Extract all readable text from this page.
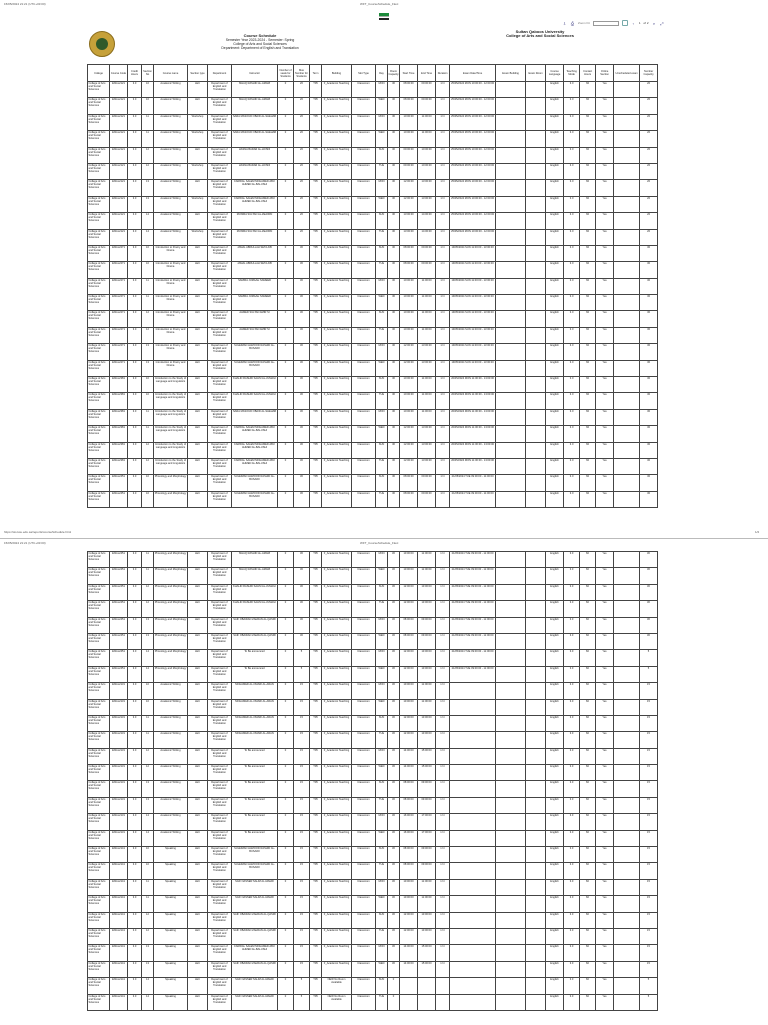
15/05/2024 21:21 (UTC+03:00)	WFT_CourseSchedule_Flexi
⇩ ⎙	Zoom Fit	‹	1 of 2	⌕	⤢
Course Schedule
Semester Year 2023-2024 - Semester: Spring
College of Arts and Social Sciences
Department: Department of English and Translation
Sultan Qaboos University
College of Arts and Social Sciences
College	Course Code	Credit Hours	Section No	Course name	Section type	Department	Instructor	Number of seats for Students	Max Number for Students	Term	Building	Slot Type	Day	Room Capacity	Start Time	End Time	Duration	Exam Date/Time	Exam Building	Exam Room	Course Language	Teaching Mode	Contact Hours	Online Section	Unscheduled exam	Number Capacity
College of Arts and Social Sciences	ENGL2121	3.0	10	Academic Writing	LEC	Department of English and Translation	ISHAQ RASHID AL-AMARI	0	20	T05	F_Academic Teaching	Classroom	MON	30	08:00:00	09:00:00	1 hr	25/05/2024 MON 10:00:00 - 12:00:00			English	3.0	60	Yes		20
College of Arts and Social Sciences	ENGL2121	3.0	10	Academic Writing	LEC	Department of English and Translation	ISHAQ RASHID AL-AMARI	0	20	T05	F_Academic Teaching	Classroom	WED	30	08:00:00	09:00:00	1 hr	25/05/2024 MON 10:00:00 - 12:00:00			English	3.0	60	Yes		20
College of Arts and Social Sciences	ENGL2121	3.0	11	Academic Writing	Workshop	Department of English and Translation	SARA MASOUD OBAID AL-SHEHAB	0	20	T05	F_Academic Teaching	Classroom	MON	30	10:00:00	11:00:00	1 hr	25/05/2024 MON 10:00:00 - 12:00:00			English	3.0	60	Yes		20
College of Arts and Social Sciences	ENGL2121	3.0	11	Academic Writing	Workshop	Department of English and Translation	SARA MASOUD OBAID AL-SHEHAB	0	20	T05	F_Academic Teaching	Classroom	WED	30	10:00:00	11:00:00	1 hr	25/05/2024 MON 10:00:00 - 12:00:00			English	3.0	60	Yes		20
College of Arts and Social Sciences	ENGL2121	3.0	12	Academic Writing	LEC	Department of English and Translation	HASNA BADAR AL-HOSNI	0	20	T05	F_Academic Teaching	Classroom	SUN	30	09:00:00	10:00:00	1 hr	25/05/2024 MON 10:00:00 - 12:00:00			English	3.0	60	Yes		20
College of Arts and Social Sciences	ENGL2121	3.0	12	Academic Writing	Workshop	Department of English and Translation	HASNA BADAR AL-HOSNI	0	20	T05	F_Academic Teaching	Classroom	TUE	30	09:00:00	10:00:00	1 hr	25/05/2024 MON 10:00:00 - 12:00:00			English	3.0	60	Yes		20
College of Arts and Social Sciences	ENGL2121	3.0	13	Academic Writing	LEC	Department of English and Translation	FARIDAL SALEM MOHAMED ABU AHMED AL-BALUSHI	0	20	T05	F_Academic Teaching	Classroom	MON	30	12:00:00	13:00:00	1 hr	25/05/2024 MON 10:00:00 - 12:00:00			English	3.0	60	Yes		20
College of Arts and Social Sciences	ENGL2121	3.0	13	Academic Writing	Workshop	Department of English and Translation	FARIDAL SALEM MOHAMED ABU AHMED AL-BALUSHI	0	20	T05	F_Academic Teaching	Classroom	WED	30	12:00:00	13:00:00	1 hr	25/05/2024 MON 10:00:00 - 12:00:00			English	3.0	60	Yes		20
College of Arts and Social Sciences	ENGL2121	3.0	14	Academic Writing	LEC	Department of English and Translation	MUNIRA SULTAN AL-ZEAIDIN	0	20	T05	F_Academic Teaching	Classroom	SUN	30	13:00:00	14:00:00	1 hr	25/05/2024 MON 10:00:00 - 12:00:00			English	3.0	60	Yes		20
College of Arts and Social Sciences	ENGL2121	3.0	14	Academic Writing	Workshop	Department of English and Translation	MUNIRA SULTAN AL-ZEAIDIN	0	20	T05	F_Academic Teaching	Classroom	TUE	30	13:00:00	14:00:00	1 hr	25/05/2024 MON 10:00:00 - 12:00:00			English	3.0	60	Yes		20
College of Arts and Social Sciences	ENGL2271	3.0	10	Introduction to Poetry and Drama	LEC	Department of English and Translation	JAMAL ABDULLAH SETA AIB	0	30	T05	F_Academic Teaching	Classroom	SUN	30	08:00:00	09:00:00	1 hr	19/05/2024 SUN 11:00:00 - 13:00:00			English	3.0	60	Yes		30
College of Arts and Social Sciences	ENGL2271	3.0	10	Introduction to Poetry and Drama	LEC	Department of English and Translation	JAMAL ABDULLAH SETA AIB	0	30	T05	F_Academic Teaching	Classroom	TUE	30	08:00:00	09:00:00	1 hr	19/05/2024 SUN 11:00:00 - 13:00:00			English	3.0	60	Yes		30
College of Arts and Social Sciences	ENGL2271	3.0	11	Introduction to Poetry and Drama	LEC	Department of English and Translation	SAMIRA JUMAAH SAMEER	0	30	T05	F_Academic Teaching	Classroom	MON	30	10:00:00	11:00:00	1 hr	19/05/2024 SUN 11:00:00 - 13:00:00			English	3.0	60	Yes		30
College of Arts and Social Sciences	ENGL2271	3.0	11	Introduction to Poetry and Drama	LEC	Department of English and Translation	SAMIRA JUMAAH SAMEER	0	30	T05	F_Academic Teaching	Classroom	WED	30	10:00:00	11:00:00	1 hr	19/05/2024 SUN 11:00:00 - 13:00:00			English	3.0	60	Yes		30
College of Arts and Social Sciences	ENGL2271	3.0	12	Introduction to Poetry and Drama	LEC	Department of English and Translation	AHMED SULTAN AMIR SI	0	30	T05	F_Academic Teaching	Classroom	SUN	30	10:00:00	11:00:00	1 hr	19/05/2024 SUN 11:00:00 - 13:00:00			English	3.0	60	Yes		30
College of Arts and Social Sciences	ENGL2271	3.0	12	Introduction to Poetry and Drama	LEC	Department of English and Translation	AHMED SULTAN AMIR SI	0	30	T05	F_Academic Teaching	Classroom	TUE	30	10:00:00	11:00:00	1 hr	19/05/2024 SUN 11:00:00 - 13:00:00			English	3.0	60	Yes		30
College of Arts and Social Sciences	ENGL2271	3.0	13	Introduction to Poetry and Drama	LEC	Department of English and Translation	SULEIMAN HAMOOD RASHID AL-BUSAIDI	0	30	T05	F_Academic Teaching	Classroom	MON	30	12:00:00	13:00:00	1 hr	19/05/2024 SUN 11:00:00 - 13:00:00			English	3.0	60	Yes		30
College of Arts and Social Sciences	ENGL2271	3.0	13	Introduction to Poetry and Drama	LEC	Department of English and Translation	SULEIMAN HAMOOD RASHID AL-BUSAIDI	0	30	T05	F_Academic Teaching	Classroom	WED	30	12:00:00	13:00:00	1 hr	19/05/2024 SUN 11:00:00 - 13:00:00			English	3.0	60	Yes		30
College of Arts and Social Sciences	ENGL2381	3.0	10	Introduction to the Study of Language and Linguistics	LEC	Department of English and Translation	KHALID RASHID SALIM AL-JUMAILI	0	30	T05	F_Academic Teaching	Classroom	SUN	30	10:00:00	11:00:00	1 hr	20/05/2024 MON 11:00:00 - 13:00:00			English	3.0	60	Yes		30
College of Arts and Social Sciences	ENGL2381	3.0	10	Introduction to the Study of Language and Linguistics	LEC	Department of English and Translation	KHALID RASHID SALIM AL-JUMAILI	0	30	T05	F_Academic Teaching	Classroom	TUE	30	10:00:00	11:00:00	1 hr	20/05/2024 MON 11:00:00 - 13:00:00			English	3.0	60	Yes		30
College of Arts and Social Sciences	ENGL2381	3.0	11	Introduction to the Study of Language and Linguistics	LEC	Department of English and Translation	SARA MASOUD OBAID AL-SHEHAB	0	30	T05	F_Academic Teaching	Classroom	MON	30	10:00:00	11:00:00	1 hr	20/05/2024 MON 11:00:00 - 13:00:00			English	3.0	60	Yes		30
College of Arts and Social Sciences	ENGL2381	3.0	11	Introduction to the Study of Language and Linguistics	LEC	Department of English and Translation	FARIDAL SALEM MOHAMED ABU AHMED AL-BALUSHI	0	30	T05	F_Academic Teaching	Classroom	WED	30	12:00:00	13:00:00	1 hr	20/05/2024 MON 11:00:00 - 13:00:00			English	3.0	60	Yes		30
College of Arts and Social Sciences	ENGL2381	3.0	12	Introduction to the Study of Language and Linguistics	LEC	Department of English and Translation	FARIDAL SALEM MOHAMED ABU AHMED AL-BALUSHI	0	30	T05	F_Academic Teaching	Classroom	SUN	30	12:00:00	13:00:00	1 hr	20/05/2024 MON 11:00:00 - 13:00:00			English	3.0	60	Yes		30
College of Arts and Social Sciences	ENGL2381	3.0	12	Introduction to the Study of Language and Linguistics	LEC	Department of English and Translation	FARIDAL SALEM MOHAMED ABU AHMED AL-BALUSHI	0	30	T05	F_Academic Teaching	Classroom	TUE	30	12:00:00	13:00:00	1 hr	20/05/2024 MON 11:00:00 - 13:00:00			English	3.0	60	Yes		30
College of Arts and Social Sciences	ENGL2451	3.0	10	Phonology and Morphology	LEC	Department of English and Translation	SULEIMAN HAMOOD RASHID AL-BUSAIDI	0	30	T05	F_Academic Teaching	Classroom	SUN	30	08:00:00	09:00:00	1 hr	21/05/2024 TUE 09:00:00 - 11:00:00			English	3.0	60	Yes		30
College of Arts and Social Sciences	ENGL2451	3.0	10	Phonology and Morphology	LEC	Department of English and Translation	SULEIMAN HAMOOD RASHID AL-BUSAIDI	0	30	T05	F_Academic Teaching	Classroom	TUE	30	08:00:00	09:00:00	1 hr	21/05/2024 TUE 09:00:00 - 11:00:00			English	3.0	60	Yes		30
https://sis.ksu.edu.sa/reports/courseSchedule.html	1/2
15/05/2024 21:21 (UTC+03:00)	WFT_CourseSchedule_Flexi
College of Arts and Social Sciences	ENGL2451	3.0	11	Phonology and Morphology	LEC	Department of English and Translation	ISHAQ RASHID AL-AMARI	0	30	T05	F_Academic Teaching	Classroom	MON	30	10:00:00	11:00:00	1 hr	21/05/2024 TUE 09:00:00 - 11:00:00			English	3.0	60	Yes		30
College of Arts and Social Sciences	ENGL2451	3.0	11	Phonology and Morphology	LEC	Department of English and Translation	ISHAQ RASHID AL-AMARI	0	30	T05	F_Academic Teaching	Classroom	WED	30	10:00:00	11:00:00	1 hr	21/05/2024 TUE 09:00:00 - 11:00:00			English	3.0	60	Yes		30
College of Arts and Social Sciences	ENGL2451	3.0	12	Phonology and Morphology	LEC	Department of English and Translation	KHALID RASHID SALIM AL-JUMAILI	0	30	T05	F_Academic Teaching	Classroom	SUN	30	12:00:00	13:00:00	1 hr	21/05/2024 TUE 09:00:00 - 11:00:00			English	3.0	60	Yes		30
College of Arts and Social Sciences	ENGL2451	3.0	12	Phonology and Morphology	LEC	Department of English and Translation	KHALID RASHID SALIM AL-JUMAILI	0	30	T05	F_Academic Teaching	Classroom	TUE	30	12:00:00	13:00:00	1 hr	21/05/2024 TUE 09:00:00 - 11:00:00			English	3.0	60	Yes		30
College of Arts and Social Sciences	ENGL2451	3.0	13	Phonology and Morphology	LEC	Department of English and Translation	SAIF OBAIDAN ZAHRAN AL-QASMI	0	30	T05	F_Academic Teaching	Classroom	MON	30	08:00:00	09:00:00	1 hr	21/05/2024 TUE 09:00:00 - 11:00:00			English	3.0	60	Yes		30
College of Arts and Social Sciences	ENGL2451	3.0	13	Phonology and Morphology	LEC	Department of English and Translation	SAIF OBAIDAN ZAHRAN AL-QASMI	0	30	T05	F_Academic Teaching	Classroom	WED	30	08:00:00	09:00:00	1 hr	21/05/2024 TUE 09:00:00 - 11:00:00			English	3.0	60	Yes		30
College of Arts and Social Sciences	ENGL2451	3.0	14	Phonology and Morphology	LEC	Department of English and Translation	To Be announced	0	5	T05	F_Academic Teaching	Classroom	MON	30	12:00:00	13:00:00	1 hr	21/05/2024 TUE 09:00:00 - 11:00:00			English	3.0	60	Yes		5
College of Arts and Social Sciences	ENGL2451	3.0	14	Phonology and Morphology	LEC	Department of English and Translation	To Be announced	0	5	T05	F_Academic Teaching	Classroom	WED	30	12:00:00	13:00:00	1 hr	21/05/2024 TUE 09:00:00 - 11:00:00			English	3.0	60	Yes		5
College of Arts and Social Sciences	ENGL2131	3.0	10	Academic Writing	LEC	Department of English and Translation	MOHAMED AL-OMARI AL-ARAN	0	15	T05	F_Academic Teaching	Classroom	MON	30	10:00:00	11:00:00	1 hr				English	3.0	60	Yes		15
College of Arts and Social Sciences	ENGL2131	3.0	10	Academic Writing	LEC	Department of English and Translation	MOHAMED AL-OMARI AL-ARAN	0	15	T05	F_Academic Teaching	Classroom	WED	30	10:00:00	11:00:00	1 hr				English	3.0	60	Yes		15
College of Arts and Social Sciences	ENGL2131	3.0	11	Academic Writing	LEC	Department of English and Translation	MOHAMED AL-OMARI AL-ARAN	0	15	T05	F_Academic Teaching	Classroom	SUN	30	12:00:00	13:00:00	1 hr				English	3.0	60	Yes		15
College of Arts and Social Sciences	ENGL2131	3.0	11	Academic Writing	LEC	Department of English and Translation	MOHAMED AL-OMARI AL-ARAN	0	15	T05	F_Academic Teaching	Classroom	TUE	30	12:00:00	13:00:00	1 hr				English	3.0	60	Yes		15
College of Arts and Social Sciences	ENGL2131	3.0	12	Academic Writing	LEC	Department of English and Translation	To Be announced	0	15	T05	F_Academic Teaching	Classroom	MON	30	14:00:00	15:00:00	1 hr				English	3.0	60	Yes		15
College of Arts and Social Sciences	ENGL2131	3.0	12	Academic Writing	LEC	Department of English and Translation	To Be announced	0	15	T05	F_Academic Teaching	Classroom	WED	30	14:00:00	15:00:00	1 hr				English	3.0	60	Yes		15
College of Arts and Social Sciences	ENGL2131	3.0	13	Academic Writing	LEC	Department of English and Translation	To Be announced	0	15	T05	F_Academic Teaching	Classroom	SUN	30	08:00:00	09:00:00	1 hr				English	3.0	60	Yes		15
College of Arts and Social Sciences	ENGL2131	3.0	13	Academic Writing	LEC	Department of English and Translation	To Be announced	0	15	T05	F_Academic Teaching	Classroom	TUE	30	08:00:00	09:00:00	1 hr				English	3.0	60	Yes		15
College of Arts and Social Sciences	ENGL2131	3.0	14	Academic Writing	LEC	Department of English and Translation	To Be announced	0	15	T05	F_Academic Teaching	Classroom	MON	30	16:00:00	17:00:00	1 hr				English	3.0	60	Yes		15
College of Arts and Social Sciences	ENGL2131	3.0	14	Academic Writing	LEC	Department of English and Translation	To Be announced	0	15	T05	F_Academic Teaching	Classroom	WED	30	16:00:00	17:00:00	1 hr				English	3.0	60	Yes		15
College of Arts and Social Sciences	ENGL2141	3.0	10	Speaking	LEC	Department of English and Translation	SULEIMAN HAMOOD RASHID AL-BUSAIDI	0	15	T05	F_Academic Teaching	Classroom	SUN	30	08:00:00	09:00:00	1 hr				English	3.0	60	Yes		15
College of Arts and Social Sciences	ENGL2141	3.0	10	Speaking	LEC	Department of English and Translation	SULEIMAN HAMOOD RASHID AL-BUSAIDI	0	15	T05	F_Academic Teaching	Classroom	TUE	30	08:00:00	09:00:00	1 hr				English	3.0	60	Yes		15
College of Arts and Social Sciences	ENGL2141	3.0	11	Speaking	LEC	Department of English and Translation	SAIF NASSER SALIM AL-MAHRI	0	15	T05	F_Academic Teaching	Classroom	MON	30	10:00:00	11:00:00	1 hr				English	3.0	60	Yes		15
College of Arts and Social Sciences	ENGL2141	3.0	11	Speaking	LEC	Department of English and Translation	SAIF NASSER SALIM AL-MAHRI	0	15	T05	F_Academic Teaching	Classroom	WED	30	10:00:00	11:00:00	1 hr				English	3.0	60	Yes		15
College of Arts and Social Sciences	ENGL2141	3.0	12	Speaking	LEC	Department of English and Translation	SAIF OBAIDAN ZAHRAN AL-QASMI	0	15	T05	F_Academic Teaching	Classroom	SUN	30	12:00:00	13:00:00	1 hr				English	3.0	60	Yes		15
College of Arts and Social Sciences	ENGL2141	3.0	12	Speaking	LEC	Department of English and Translation	SAIF OBAIDAN ZAHRAN AL-QASMI	0	15	T05	F_Academic Teaching	Classroom	TUE	30	12:00:00	13:00:00	1 hr				English	3.0	60	Yes		15
College of Arts and Social Sciences	ENGL2141	3.0	13	Speaking	LEC	Department of English and Translation	FARIDAL SALEM MOHAMED ABU AHMED AL-BALUSHI	0	15	T05	F_Academic Teaching	Classroom	MON	30	14:00:00	15:00:00	1 hr				English	3.0	60	Yes		15
College of Arts and Social Sciences	ENGL2141	3.0	13	Speaking	LEC	Department of English and Translation	SAIF OBAIDAN ZAHRAN AL-QASMI	0	15	T05	F_Academic Teaching	Classroom	WED	30	14:00:00	15:00:00	1 hr				English	3.0	60	Yes		15
College of Arts and Social Sciences	ENGL2141	3.0	14	Speaking	LEC	Department of English and Translation	SAIF NASSER SALIM AL-MAHRI	0	5	T05	NEW No Room Available	Classroom	SUN	0							English	3.0	60	Yes		5
College of Arts and Social Sciences	ENGL2141	3.0	14	Speaking	LEC	Department of English and Translation	SAIF NASSER SALIM AL-MAHRI	0	5	T05	NEW No Room Available	Classroom	TUE	0							English	3.0	60	Yes		5
